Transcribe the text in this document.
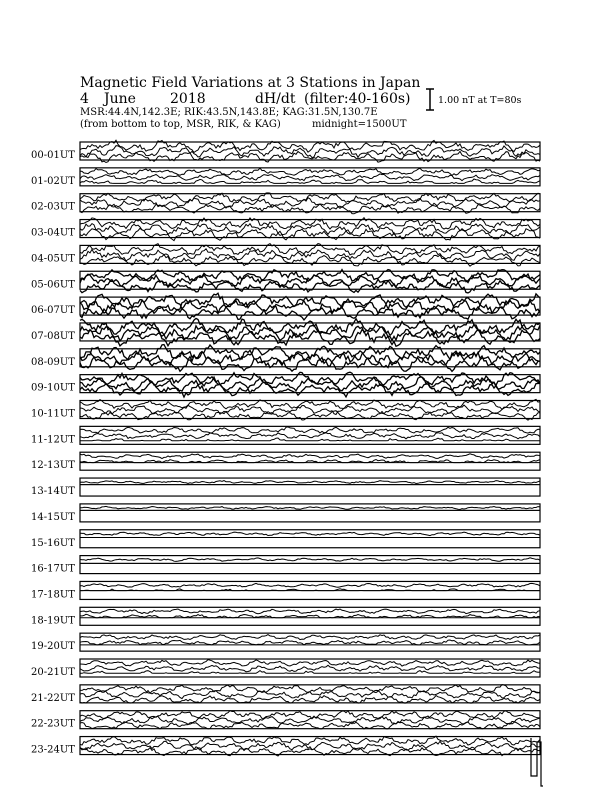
Magnetic Field Variations at 3 Stations in Japan
4 June 2018	dH/dt (filter:40-160s)
MSR:44.4N,142.3E; RIK:43.5N,143.8E; KAG:31.5N,130.7E
(from bottom to top, MSR, RIK, & KAG)	midnight=1500UT
1.00 nT at T=80s
00-01UT
01-02UT
02-03UT
03-04UT
04-05UT
05-06UT
06-07UT
07-08UT
08-09UT
09-10UT
10-11UT
11-12UT
12-13UT
13-14UT
14-15UT
15-16UT
16-17UT
17-18UT
18-19UT
19-20UT
20-21UT
21-22UT
22-23UT
23-24UT
